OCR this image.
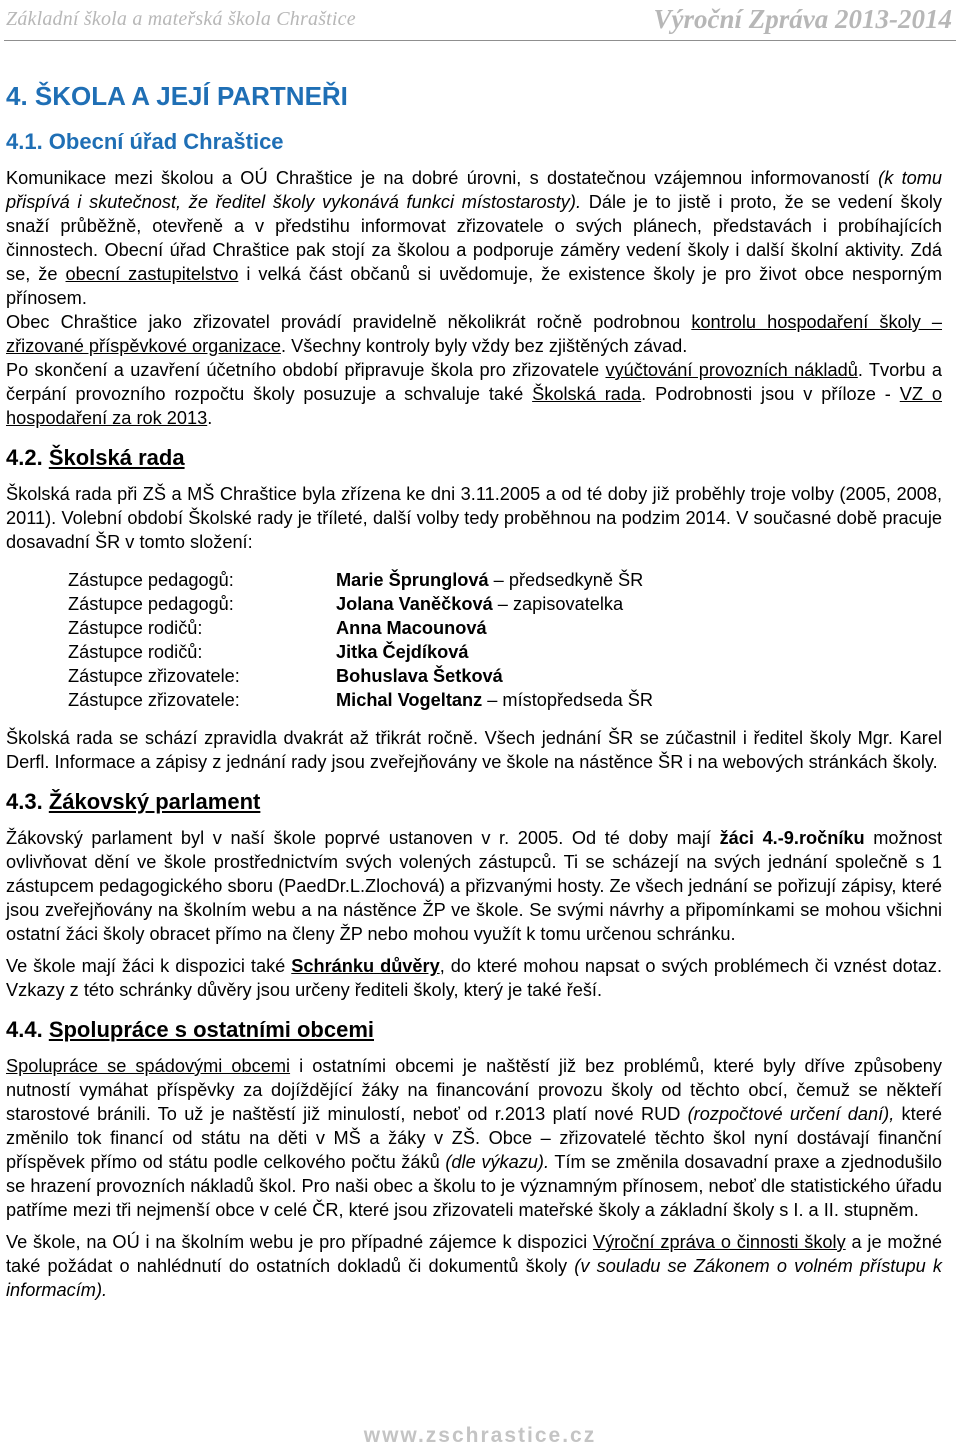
Základní škola a mateřská škola Chraštice	Výroční Zpráva 2013-2014
4. ŠKOLA A JEJÍ PARTNEŘI
4.1. Obecní úřad Chraštice

Komunikace mezi školou a OÚ Chraštice je na dobré úrovni, s dostatečnou vzájemnou informovaností (k tomu přispívá i skutečnost, že ředitel školy vykonává funkci místostarosty). Dále je to jistě i proto, že se vedení školy snaží průběžně, otevřeně a v předstihu informovat zřizovatele o svých plánech, představách i probíhajících činnostech. Obecní úřad Chraštice pak stojí za školou a podporuje záměry vedení školy i další školní aktivity. Zdá se, že obecní zastupitelstvo i velká část občanů si uvědomuje, že existence školy je pro život obce nesporným přínosem.

Obec Chraštice jako zřizovatel provádí pravidelně několikrát ročně podrobnou kontrolu hospodaření školy – zřizované příspěvkové organizace. Všechny kontroly byly vždy bez zjištěných závad.

Po skončení a uzavření účetního období připravuje škola pro zřizovatele vyúčtování provozních nákladů. Tvorbu a čerpání provozního rozpočtu školy posuzuje a schvaluje také Školská rada. Podrobnosti jsou v příloze - VZ o hospodaření za rok 2013.

4.2. Školská rada

Školská rada při ZŠ a MŠ Chraštice byla zřízena ke dni 3.11.2005 a od té doby již proběhly troje volby (2005, 2008, 2011). Volební období Školské rady je tříleté, další volby tedy proběhnou na podzim 2014. V současné době pracuje dosavadní ŠR v tomto složení:

Zástupce pedagogů:	Marie Šprunglová – předsedkyně ŠR
Zástupce pedagogů:	Jolana Vaněčková – zapisovatelka
Zástupce rodičů:	Anna Macounová
Zástupce rodičů:	Jitka Čejdíková
Zástupce zřizovatele:	Bohuslava Šetková
Zástupce zřizovatele:	Michal Vogeltanz – místopředseda ŠR

Školská rada se schází zpravidla dvakrát až třikrát ročně. Všech jednání ŠR se zúčastnil i ředitel školy Mgr. Karel Derfl. Informace a zápisy z jednání rady jsou zveřejňovány ve škole na nástěnce ŠR i na webových stránkách školy.

4.3. Žákovský parlament

Žákovský parlament byl v naší škole poprvé ustanoven v r. 2005. Od té doby mají žáci 4.-9.ročníku možnost ovlivňovat dění ve škole prostřednictvím svých volených zástupců. Ti se scházejí na svých jednání společně s 1 zástupcem pedagogického sboru (PaedDr.L.Zlochová) a přizvanými hosty. Ze všech jednání se pořizují zápisy, které jsou zveřejňovány na školním webu a na nástěnce ŽP ve škole. Se svými návrhy a připomínkami se mohou všichni ostatní žáci školy obracet přímo na členy ŽP nebo mohou využít k tomu určenou schránku.

Ve škole mají žáci k dispozici také Schránku důvěry, do které mohou napsat o svých problémech či vznést dotaz. Vzkazy z této schránky důvěry jsou určeny řediteli školy, který je také řeší.

4.4. Spolupráce s ostatními obcemi

Spolupráce se spádovými obcemi i ostatními obcemi je naštěstí již bez problémů, které byly dříve způsobeny nutností vymáhat příspěvky za dojíždějící žáky na financování provozu školy od těchto obcí, čemuž se někteří starostové bránili. To už je naštěstí již minulostí, neboť od r.2013 platí nové RUD (rozpočtové určení daní), které změnilo tok financí od státu na děti v MŠ a žáky v ZŠ. Obce – zřizovatelé těchto škol nyní dostávají finanční příspěvek přímo od státu podle celkového počtu žáků (dle výkazu). Tím se změnila dosavadní praxe a zjednodušilo se hrazení provozních nákladů škol. Pro naši obec a školu to je významným přínosem, neboť dle statistického úřadu patříme mezi tři nejmenší obce v celé ČR, které jsou zřizovateli mateřské školy a základní školy s I. a II. stupněm.

Ve škole, na OÚ i na školním webu je pro případné zájemce k dispozici Výroční zpráva o činnosti školy a je možné také požádat o nahlédnutí do ostatních dokladů či dokumentů školy (v souladu se Zákonem o volném přístupu k informacím).

www.zschrastice.cz
